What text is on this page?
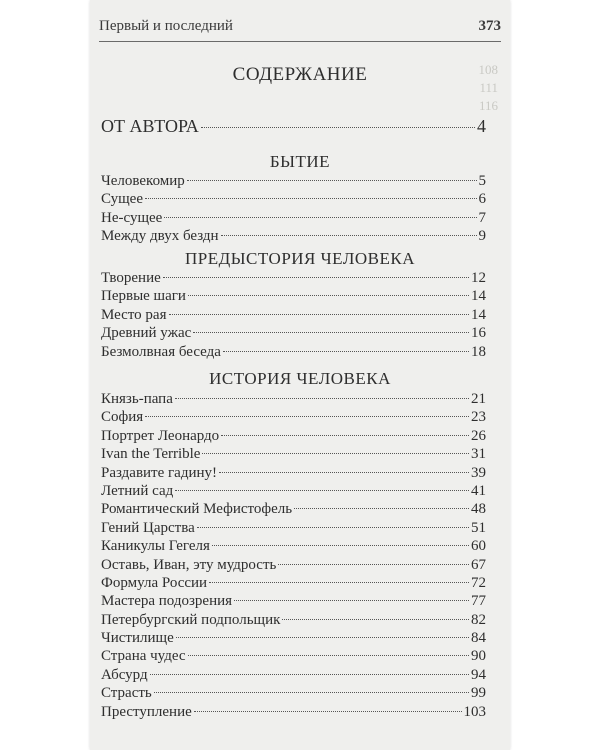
Первый и последний	373
108
111
116
СОДЕРЖАНИЕ
ОТ АВТОРА	4
БЫТИЕ
Человекомир	5
Сущее	6
Не-сущее	7
Между двух бездн	9
ПРЕДЫСТОРИЯ ЧЕЛОВЕКА
Творение	12
Первые шаги	14
Место рая	14
Древний ужас	16
Безмолвная беседа	18
ИСТОРИЯ ЧЕЛОВЕКА
Князь-папа	21
София	23
Портрет Леонардо	26
Ivan the Terrible	31
Раздавите гадину!	39
Летний сад	41
Романтический Мефистофель	48
Гений Царства	51
Каникулы Гегеля	60
Оставь, Иван, эту мудрость	67
Формула России	72
Мастера подозрения	77
Петербургский подпольщик	82
Чистилище	84
Страна чудес	90
Абсурд	94
Страсть	99
Преступление	103
